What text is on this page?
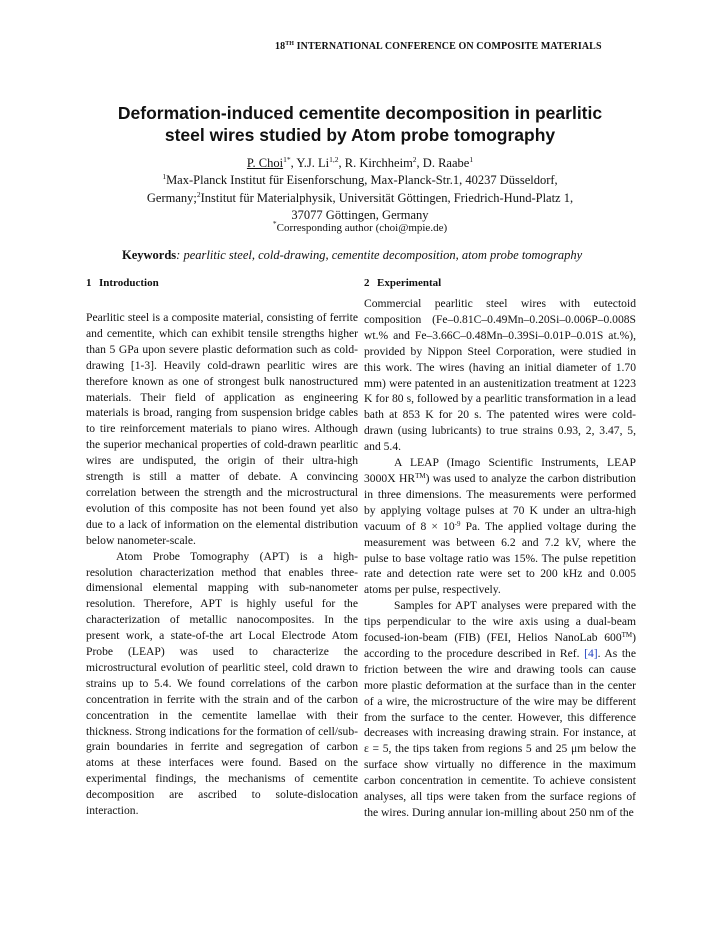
18TH INTERNATIONAL CONFERENCE ON COMPOSITE MATERIALS
Deformation-induced cementite decomposition in pearlitic
steel wires studied by Atom probe tomography
P. Choi$^{1*}$, Y.J. Li$^{1,2}$, R. Kirchheim$^2$, D. Raabe$^1$
$^1$Max-Planck Institut für Eisenforschung, Max-Planck-Str.1, 40237 Düsseldorf,
Germany;$^2$Institut für Materialphysik, Universität Göttingen, Friedrich-Hund-Platz 1,
37077 Göttingen, Germany
*Corresponding author (choi@mpie.de)
Keywords: pearlitic steel, cold-drawing, cementite decomposition, atom probe tomography
1 Introduction

Pearlitic steel is a composite material, consisting of ferrite and cementite, which can exhibit tensile strengths higher than 5 GPa upon severe plastic deformation such as cold-drawing [1-3]. Heavily cold-drawn pearlitic wires are therefore known as one of strongest bulk nanostructured materials. Their field of application as engineering materials is broad, ranging from suspension bridge cables to tire reinforcement materials to piano wires. Although the superior mechanical properties of cold-drawn pearlitic wires are undisputed, the origin of their ultra-high strength is still a matter of debate. A convincing correlation between the strength and the microstructural evolution of this composite has not been found yet also due to a lack of information on the elemental distribution below nanometer-scale.

Atom Probe Tomography (APT) is a high-resolution characterization method that enables three-dimensional elemental mapping with sub-nanometer resolution. Therefore, APT is highly useful for the characterization of metallic nanocomposites. In the present work, a state-of-the art Local Electrode Atom Probe (LEAP) was used to characterize the microstructural evolution of pearlitic steel, cold drawn to strains up to 5.4. We found correlations of the carbon concentration in ferrite with the strain and of the carbon concentration in the cementite lamellae with their thickness. Strong indications for the formation of cell/sub-grain boundaries in ferrite and segregation of carbon atoms at these interfaces were found. Based on the experimental findings, the mechanisms of cementite decomposition are ascribed to solute-dislocation interaction.

2 Experimental

Commercial pearlitic steel wires with eutectoid composition (Fe–0.81C–0.49Mn–0.20Si–0.006P–0.008S wt.% and Fe–3.66C–0.48Mn–0.39Si–0.01P–0.01S at.%), provided by Nippon Steel Corporation, were studied in this work. The wires (having an initial diameter of 1.70 mm) were patented in an austenitization treatment at 1223 K for 80 s, followed by a pearlitic transformation in a lead bath at 853 K for 20 s. The patented wires were cold-drawn (using lubricants) to true strains 0.93, 2, 3.47, 5, and 5.4.

A LEAP (Imago Scientific Instruments, LEAP 3000X HR™) was used to analyze the carbon distribution in three dimensions. The measurements were performed by applying voltage pulses at 70 K under an ultra-high vacuum of $8 \times 10^{-9}$ Pa. The applied voltage during the measurement was between 6.2 and 7.2 kV, where the pulse to base voltage ratio was 15%. The pulse repetition rate and detection rate were set to 200 kHz and 0.005 atoms per pulse, respectively.

Samples for APT analyses were prepared with the tips perpendicular to the wire axis using a dual-beam focused-ion-beam (FIB) (FEI, Helios NanoLab 600™) according to the procedure described in Ref. [4]. As the friction between the wire and drawing tools can cause more plastic deformation at the surface than in the center of a wire, the microstructure of the wire may be different from the surface to the center. However, this difference decreases with increasing drawing strain. For instance, at ε = 5, the tips taken from regions 5 and 25 μm below the surface show virtually no difference in the maximum carbon concentration in cementite. To achieve consistent analyses, all tips were taken from the surface regions of the wires. During annular ion-milling about 250 nm of the
